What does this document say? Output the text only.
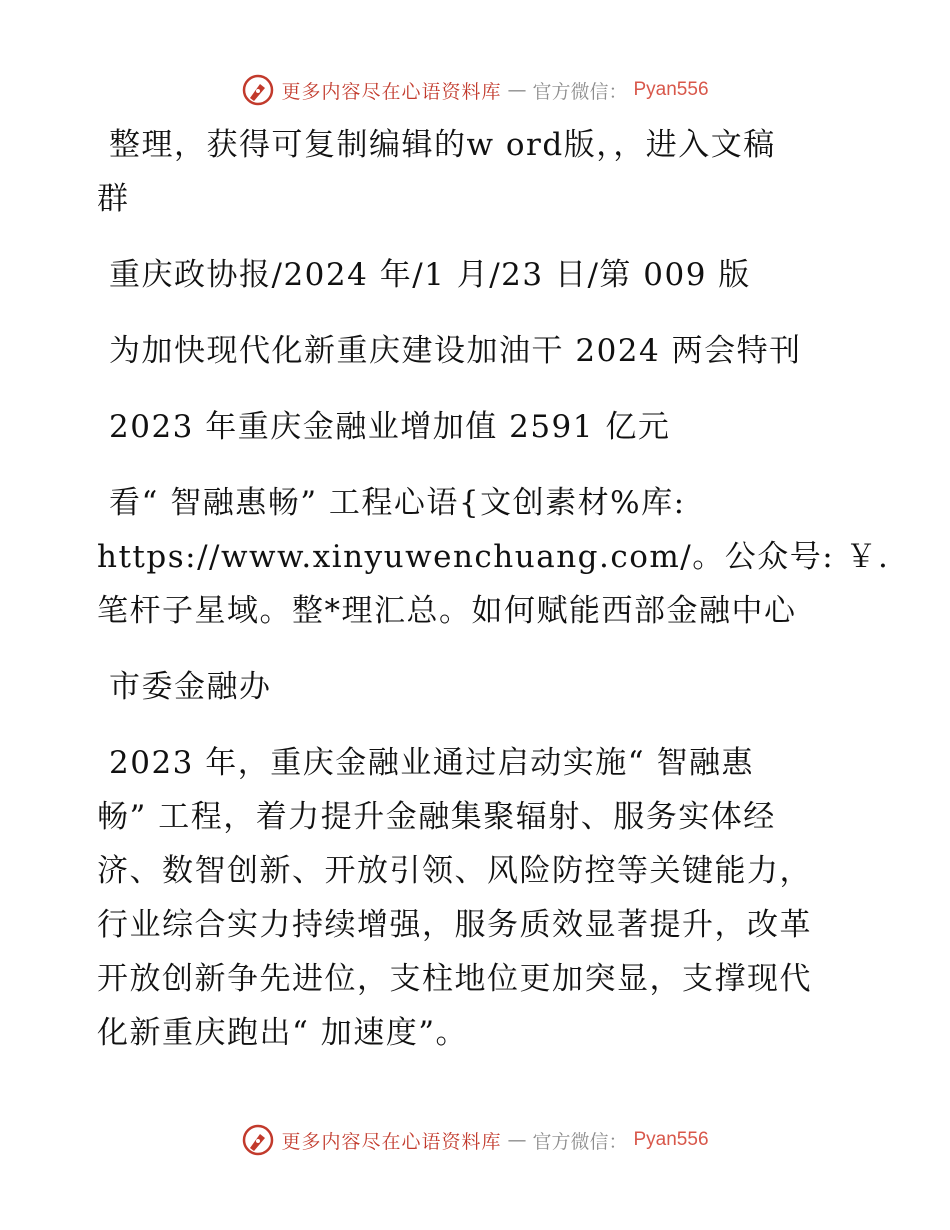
更多内容尽在心语资料库 — 官方微信： Pyan556
整理，获得可复制编辑的w ord版，，进入文稿
群
重庆政协报/2024 年/1 月/23 日/第 009 版
为加快现代化新重庆建设加油干 2024 两会特刊
2023 年重庆金融业增加值 2591 亿元
看“ 智融惠畅” 工程心语{文创素材%库:
https://www.xinyuwenchuang.com/。公众号: ￥.
笔杆子星域。整*理汇总。如何赋能西部金融中心
市委金融办
2023 年，重庆金融业通过启动实施“ 智融惠
畅” 工程，着力提升金融集聚辐射、服务实体经
济、数智创新、开放引领、风险防控等关键能力，
行业综合实力持续增强，服务质效显著提升，改革
开放创新争先进位，支柱地位更加突显，支撑现代
化新重庆跑出“ 加速度”。
更多内容尽在心语资料库 — 官方微信： Pyan556
